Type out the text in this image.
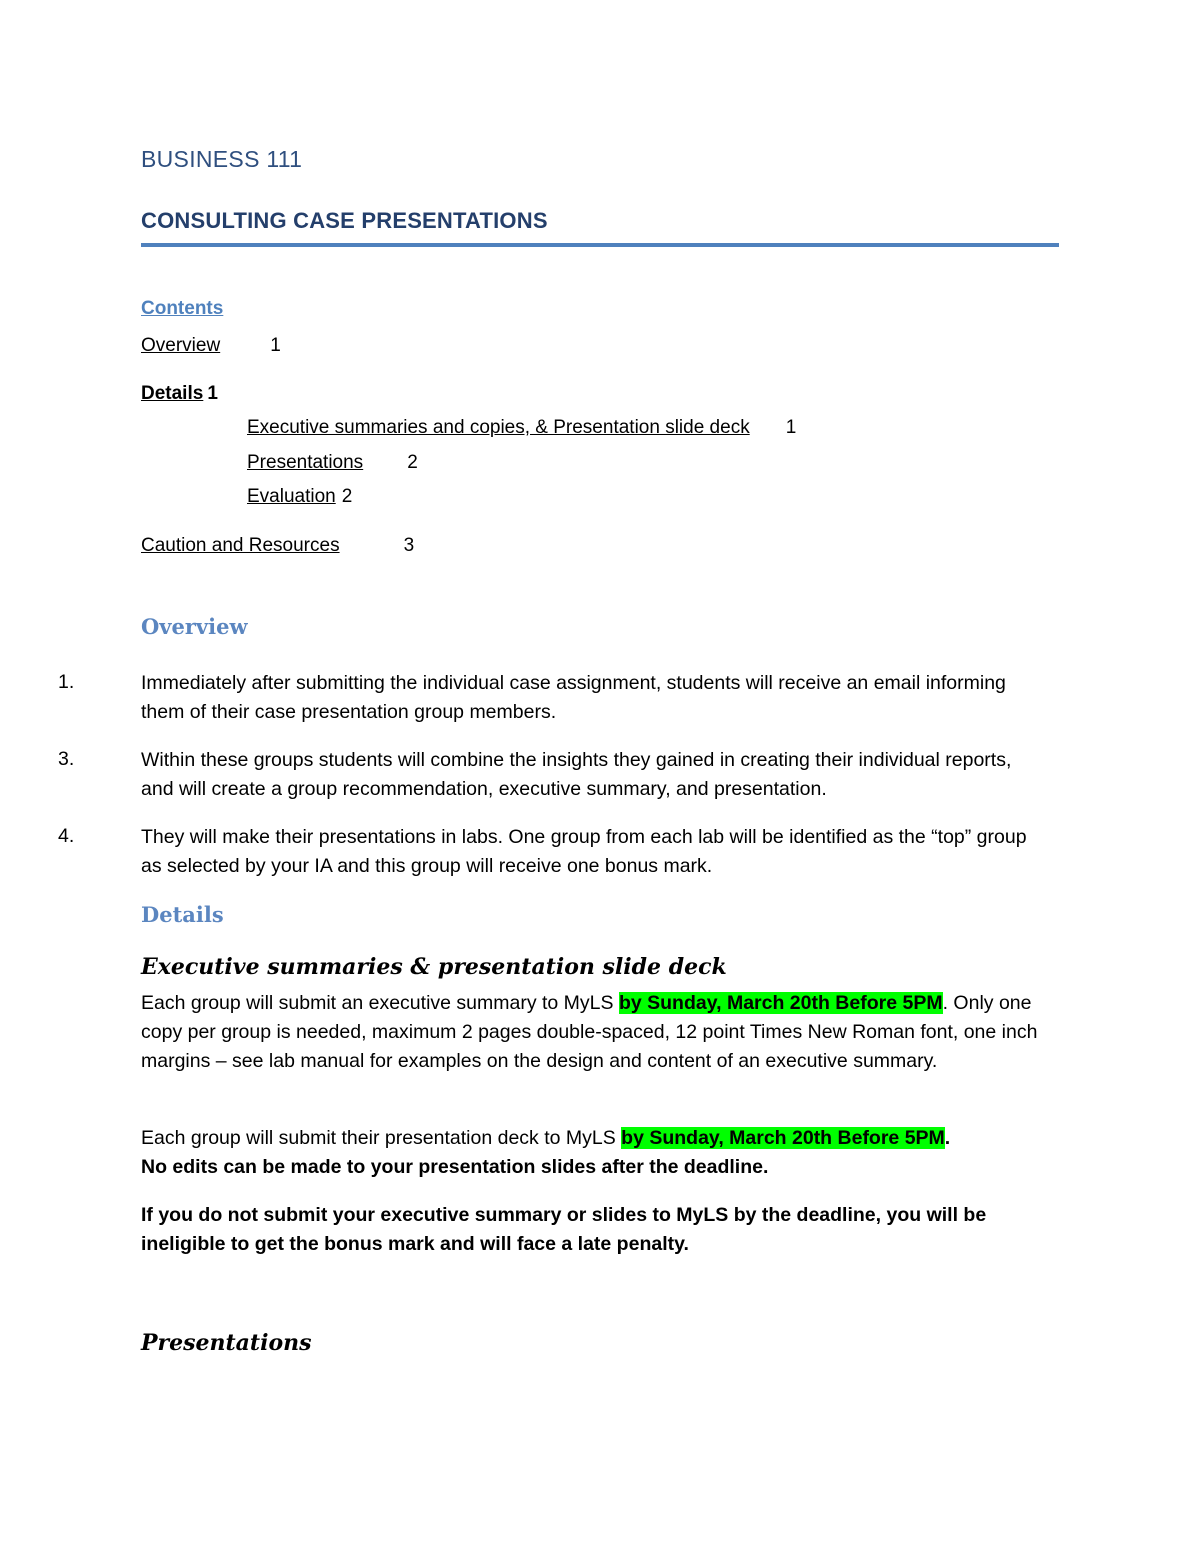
BUSINESS 111
CONSULTING CASE PRESENTATIONS
Contents
Overview	1
Details 1
Executive summaries and copies, & Presentation slide deck 1
Presentations 2
Evaluation 2
Caution and Resources	3
Overview
1.	Immediately after submitting the individual case assignment, students will receive an email informing them of their case presentation group members.
3.	Within these groups students will combine the insights they gained in creating their individual reports, and will create a group recommendation, executive summary, and presentation.
4.	They will make their presentations in labs. One group from each lab will be identified as the “top” group as selected by your IA and this group will receive one bonus mark.
Details
Executive summaries & presentation slide deck
Each group will submit an executive summary to MyLS by Sunday, March 20th Before 5PM. Only one copy per group is needed, maximum 2 pages double-spaced, 12 point Times New Roman font, one inch margins – see lab manual for examples on the design and content of an executive summary.
Each group will submit their presentation deck to MyLS by Sunday, March 20th Before 5PM.
No edits can be made to your presentation slides after the deadline.
If you do not submit your executive summary or slides to MyLS by the deadline, you will be ineligible to get the bonus mark and will face a late penalty.
Presentations
